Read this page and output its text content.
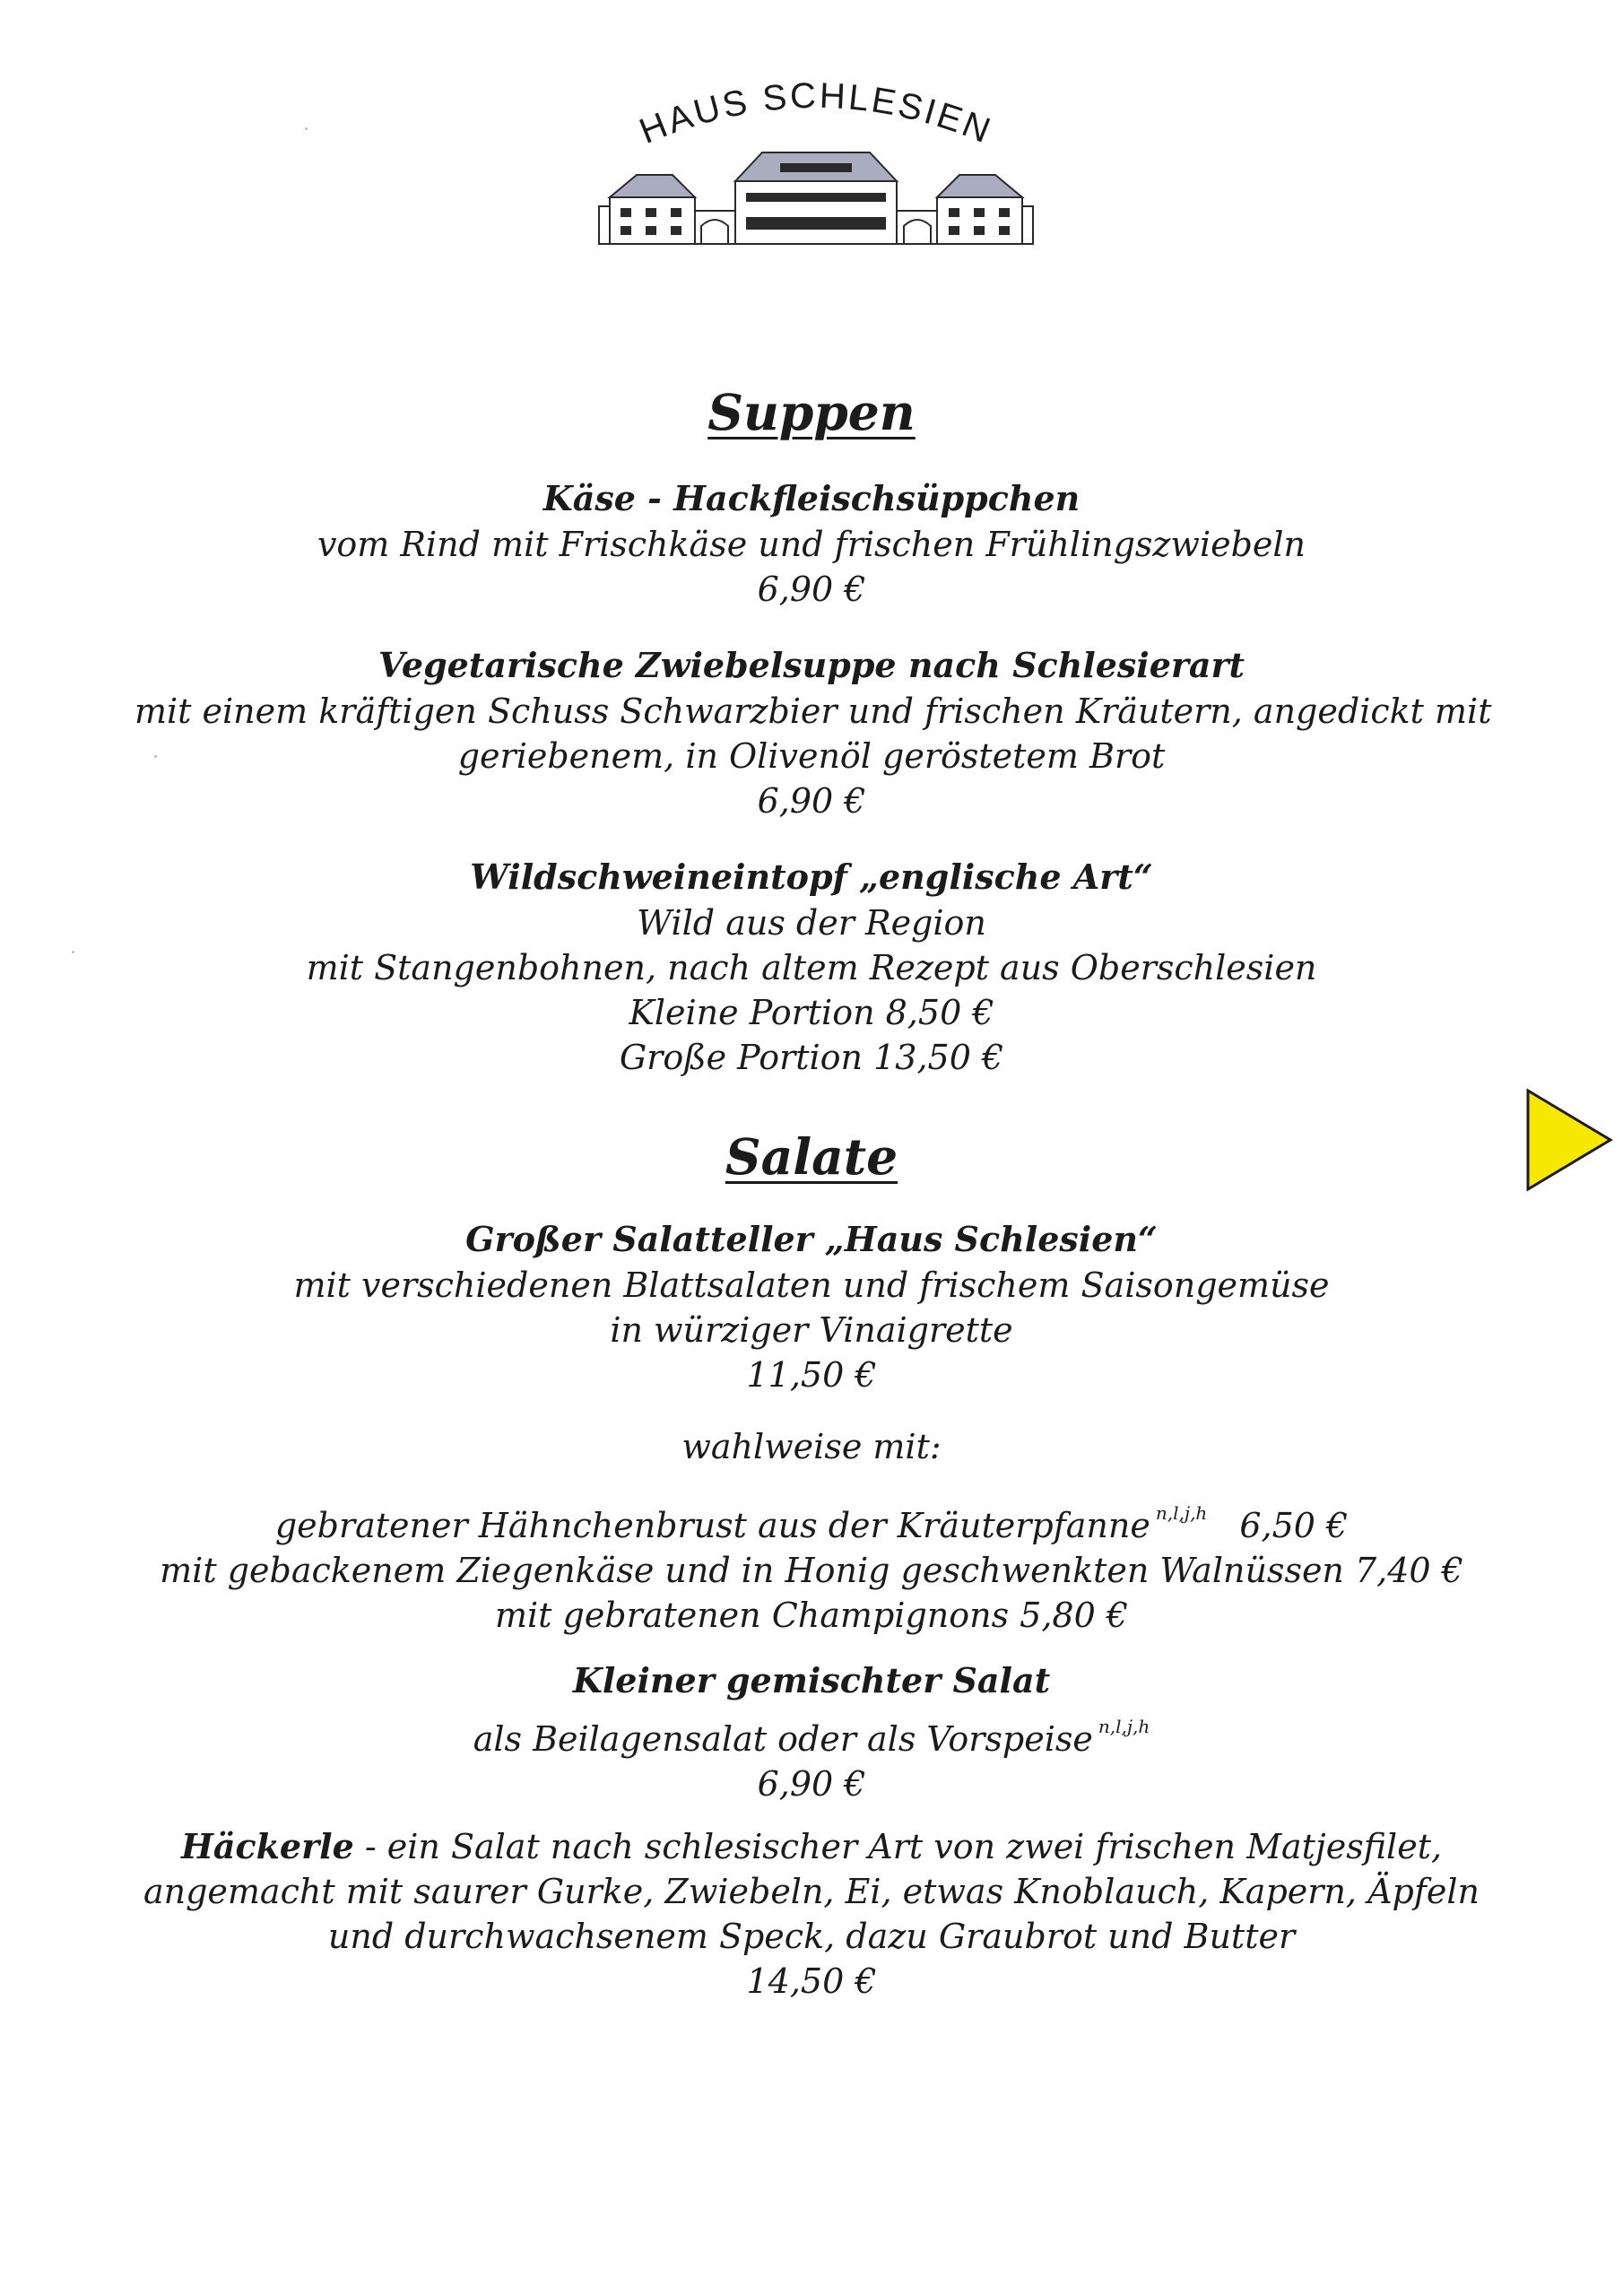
HAUS SCHLESIEN
Suppen
Käse - Hackfleischsüppchen
vom Rind mit Frischkäse und frischen Frühlingszwiebeln
6,90 €
Vegetarische Zwiebelsuppe nach Schlesierart
mit einem kräftigen Schuss Schwarzbier und frischen Kräutern, angedickt mit
geriebenem, in Olivenöl geröstetem Brot
6,90 €
Wildschweineintopf „englische Art“
Wild aus der Region
mit Stangenbohnen, nach altem Rezept aus Oberschlesien
Kleine Portion 8,50 €
Große Portion 13,50 €
Salate
Großer Salatteller „Haus Schlesien“
mit verschiedenen Blattsalaten und frischem Saisongemüse
in würziger Vinaigrette
11,50 €
wahlweise mit:
gebratener Hähnchenbrust aus der Kräuterpfanne $^{n,l,j,h}$ 6,50 €
mit gebackenem Ziegenkäse und in Honig geschwenkten Walnüssen 7,40 €
mit gebratenen Champignons 5,80 €
Kleiner gemischter Salat
als Beilagensalat oder als Vorspeise $^{n,l,j,h}$
6,90 €
Häckerle - ein Salat nach schlesischer Art von zwei frischen Matjesfilet,
angemacht mit saurer Gurke, Zwiebeln, Ei, etwas Knoblauch, Kapern, Äpfeln
und durchwachsenem Speck, dazu Graubrot und Butter
14,50 €
